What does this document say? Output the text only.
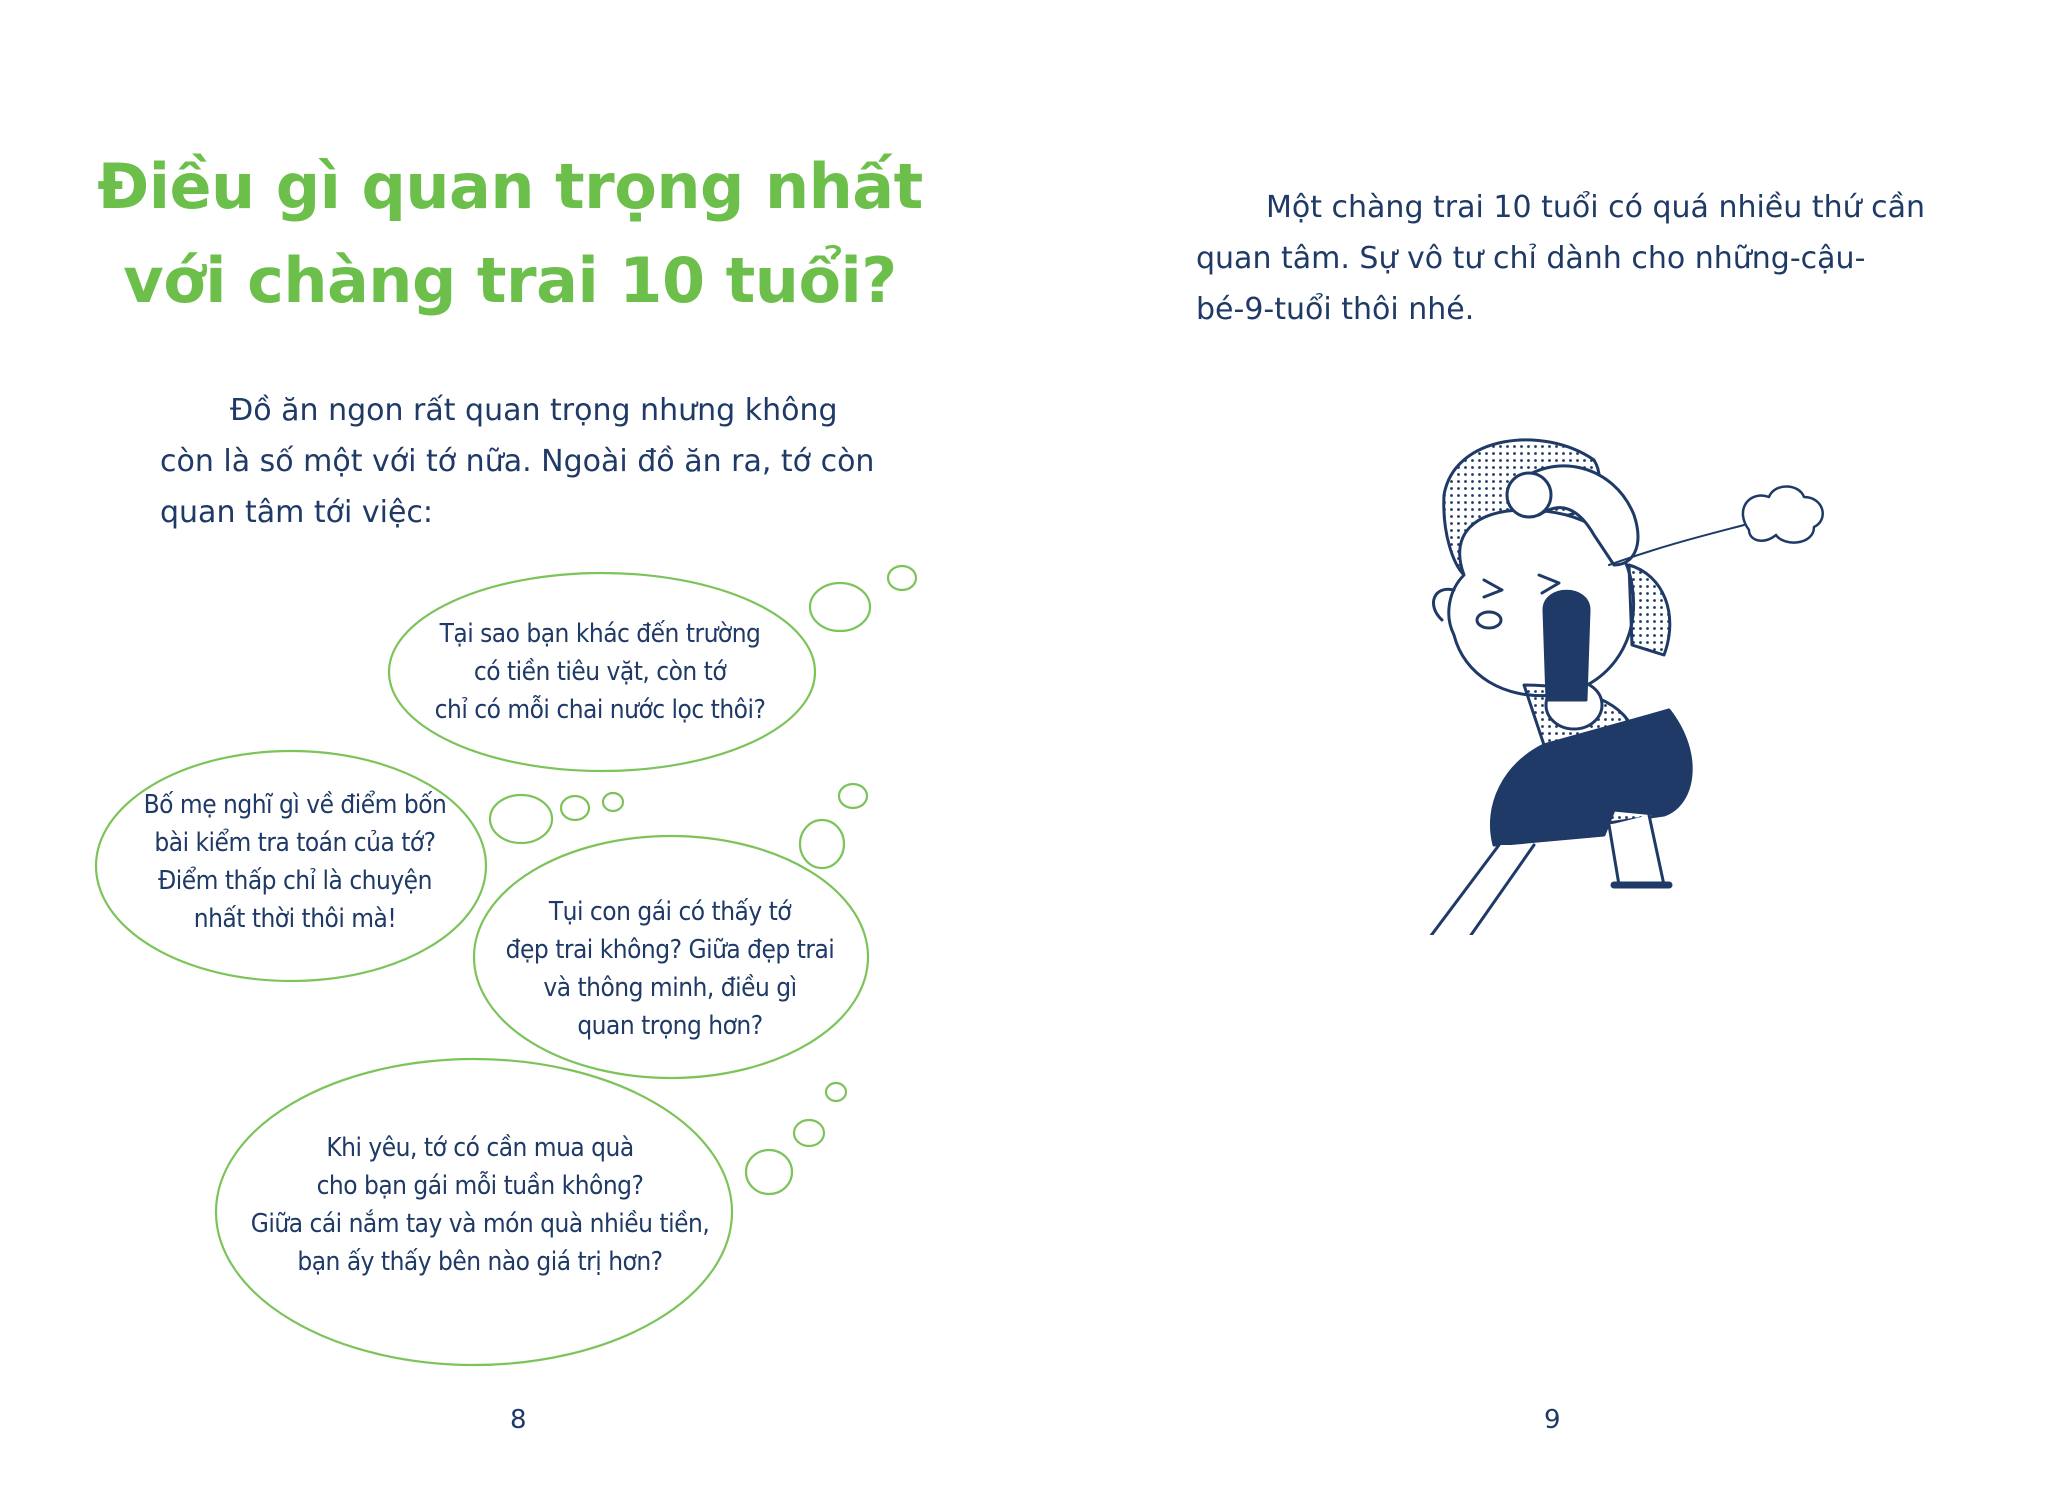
Điều gì quan trọng nhất
với chàng trai 10 tuổi?

Đồ ăn ngon rất quan trọng nhưng không còn là số một với tớ nữa. Ngoài đồ ăn ra, tớ còn quan tâm tới việc:

Tại sao bạn khác đến trường
có tiền tiêu vặt, còn tớ
chỉ có mỗi chai nước lọc thôi?

Bố mẹ nghĩ gì về điểm bốn
bài kiểm tra toán của tớ?
Điểm thấp chỉ là chuyện
nhất thời thôi mà!	Tụi con gái có thấy tớ
đẹp trai không? Giữa đẹp trai
và thông minh, điều gì
quan trọng hơn?

Khi yêu, tớ có cần mua quà
cho bạn gái mỗi tuần không?
Giữa cái nắm tay và món quà nhiều tiền,
bạn ấy thấy bên nào giá trị hơn?

8

Một chàng trai 10 tuổi có quá nhiều thứ cần quan tâm. Sự vô tư chỉ dành cho những-cậu-bé-9-tuổi thôi nhé.

9
